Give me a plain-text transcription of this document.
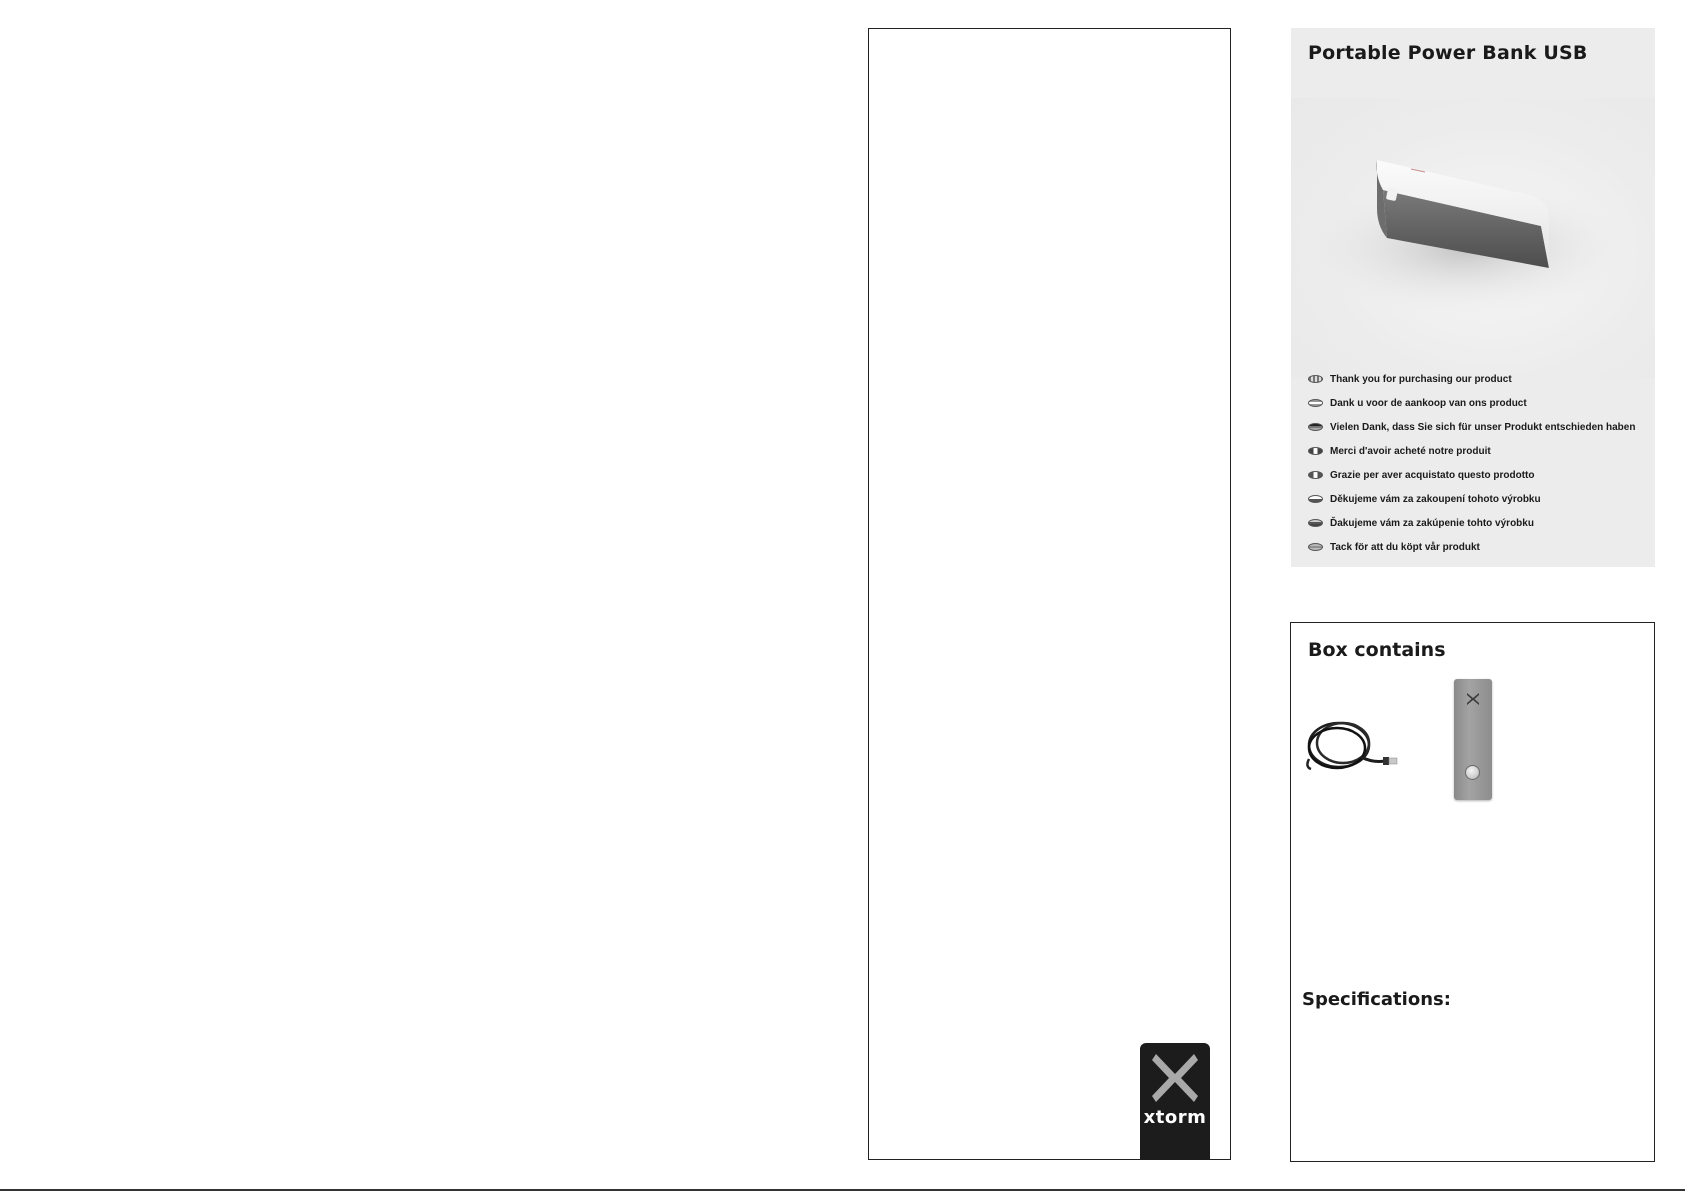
xtorm
Portable Power Bank USB
Thank you for purchasing our product
Dank u voor de aankoop van ons product
Vielen Dank, dass Sie sich für unser Produkt entschieden haben
Merci d'avoir acheté notre produit
Grazie per aver acquistato questo prodotto
Děkujeme vám za zakoupení tohoto výrobku
Ďakujeme vám za zakúpenie tohto výrobku
Tack för att du köpt vår produkt
Box contains
Specifications:
